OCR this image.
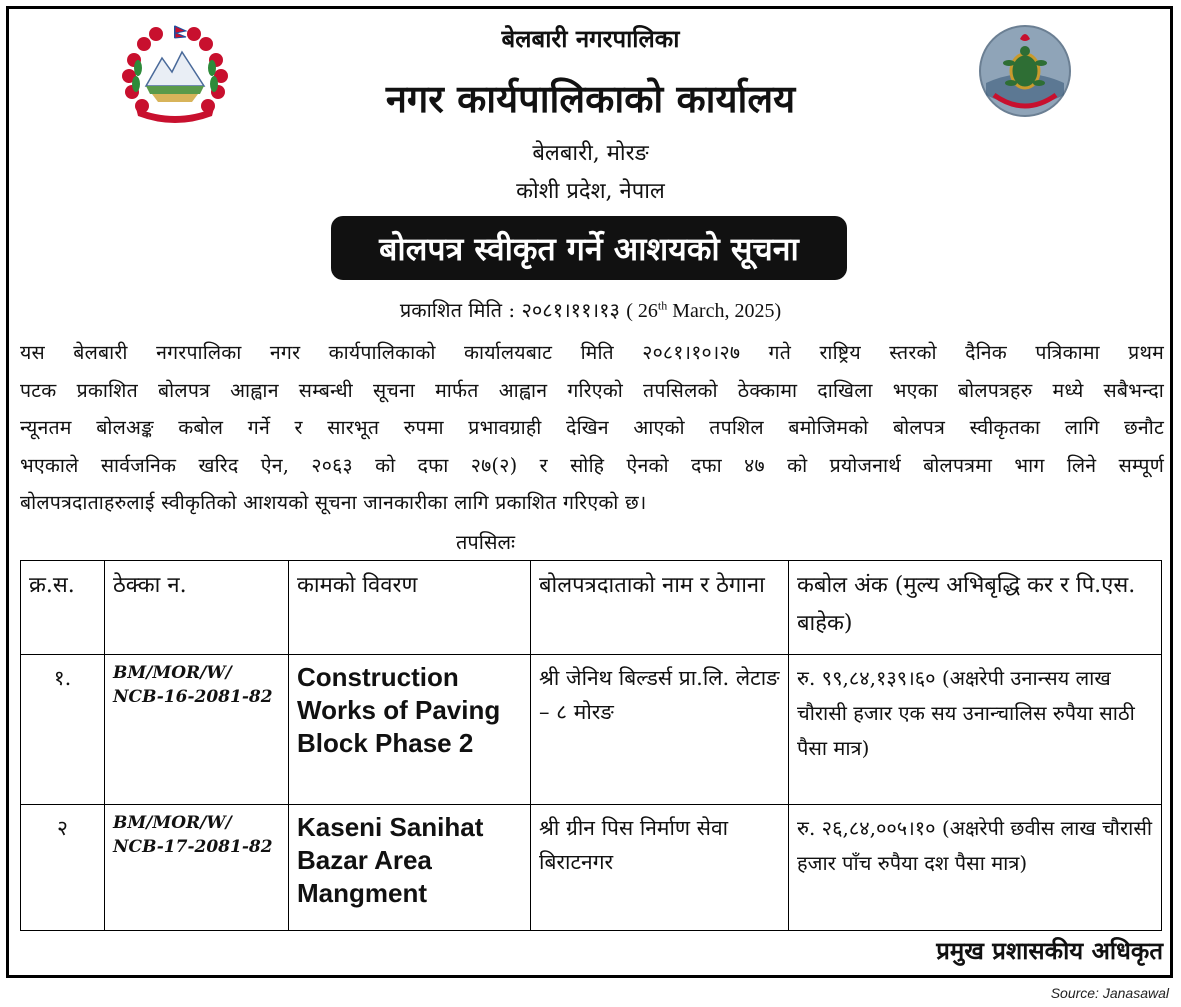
बेलबारी नगरपालिका
नगर कार्यपालिकाको कार्यालय
बेलबारी, मोरङ
कोशी प्रदेश, नेपाल
बोलपत्र स्वीकृत गर्ने आशयको सूचना
प्रकाशित मिति : २०८१।११।१३ ( 26th March, 2025)
यस बेलबारी नगरपालिका नगर कार्यपालिकाको कार्यालयबाट मिति २०८१।१०।२७ गते राष्ट्रिय स्तरको दैनिक पत्रिकामा प्रथम
पटक प्रकाशित बोलपत्र आह्वान सम्बन्धी सूचना मार्फत आह्वान गरिएको तपसिलको ठेक्कामा दाखिला भएका बोलपत्रहरु मध्ये सबैभन्दा
न्यूनतम बोलअङ्क कबोल गर्ने र सारभूत रुपमा प्रभावग्राही देखिन आएको तपशिल बमोजिमको बोलपत्र स्वीकृतका लागि छनौट
भएकाले सार्वजनिक खरिद ऐन, २०६३ को दफा २७(२) र सोहि ऐनको दफा ४७ को प्रयोजनार्थ बोलपत्रमा भाग लिने सम्पूर्ण
बोलपत्रदाताहरुलाई स्वीकृतिको आशयको सूचना जानकारीका लागि प्रकाशित गरिएको छ।
तपसिलः
क्र.स.	ठेक्का न.	कामको विवरण	बोलपत्रदाताको नाम र ठेगाना	कबोल अंक (मुल्य अभिबृद्धि कर र पि.एस. बाहेक)
१.	BM/MOR/W/ NCB-16-2081-82	Construction Works of Paving Block Phase 2	श्री जेनिथ बिल्डर्स प्रा.लि. लेटाङ – ८ मोरङ	रु. ९९,८४,१३९।६० (अक्षरेपी उनान्सय लाख चौरासी हजार एक सय उनान्चालिस रुपैया साठी पैसा मात्र)
२	BM/MOR/W/ NCB-17-2081-82	Kaseni Sanihat Bazar Area Mangment	श्री ग्रीन पिस निर्माण सेवा बिराटनगर	रु. २६,८४,००५।१० (अक्षरेपी छवीस लाख चौरासी हजार पाँच रुपैया दश पैसा मात्र)
प्रमुख प्रशासकीय अधिकृत
Source: Janasawal
